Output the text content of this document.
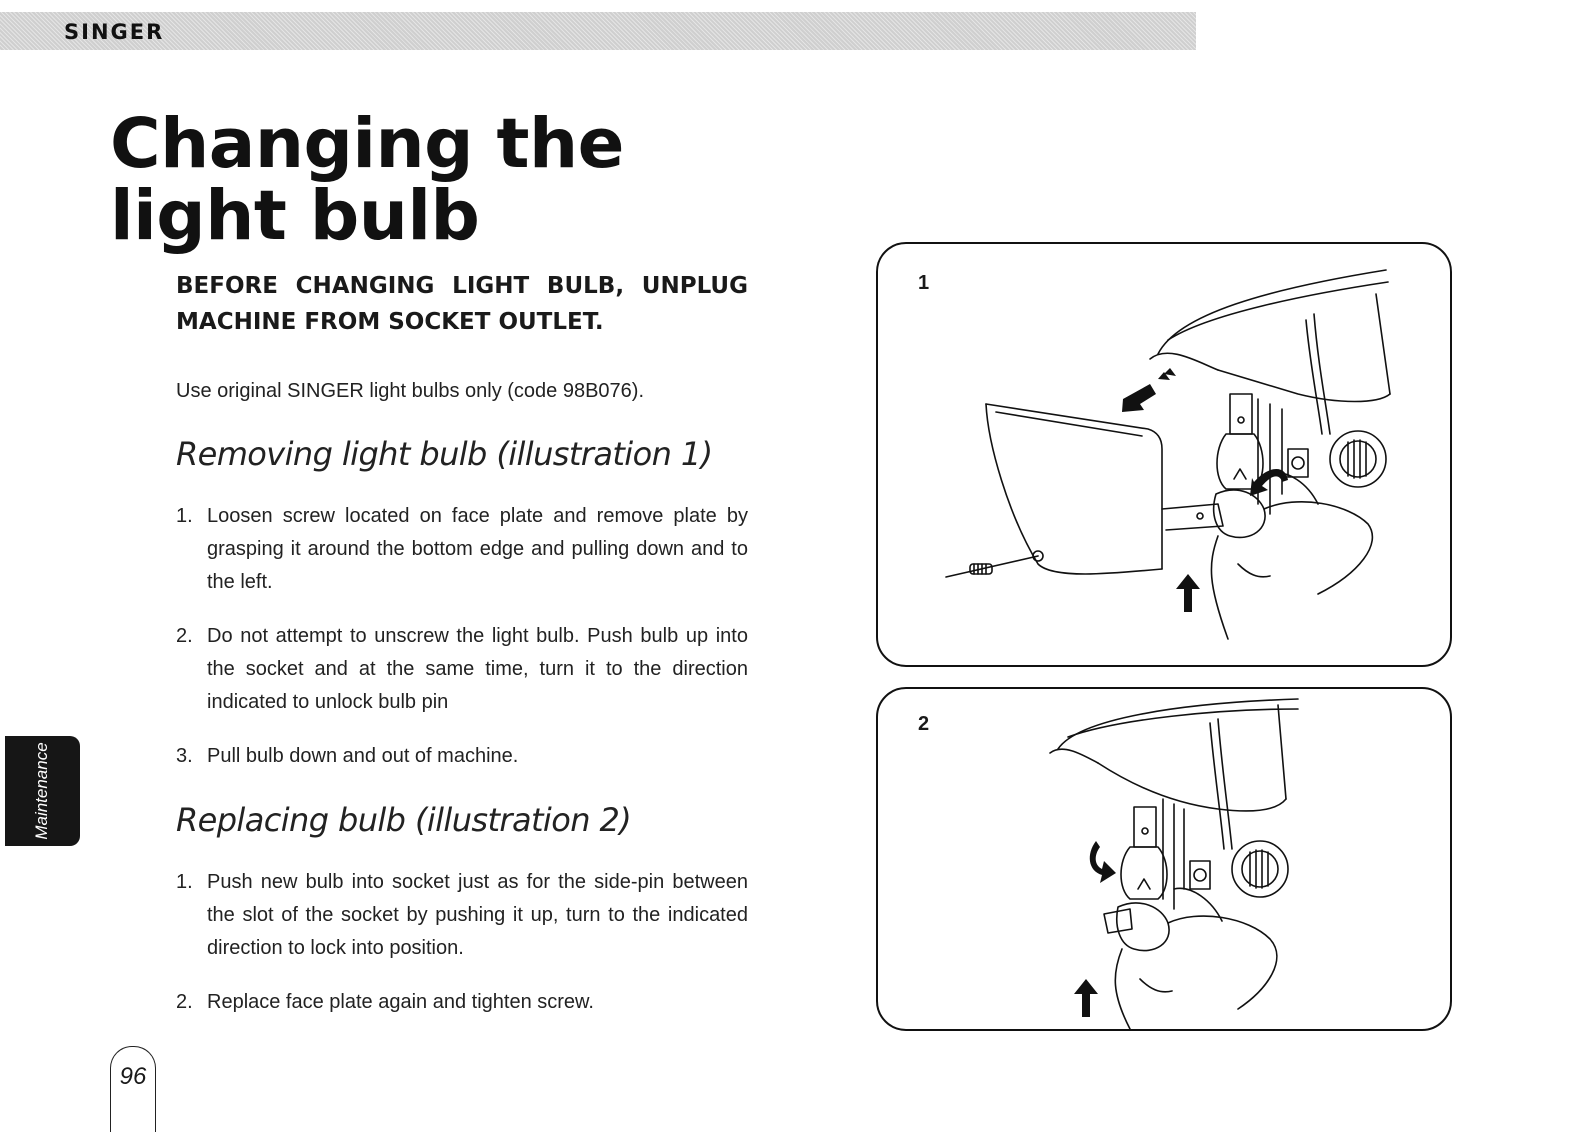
SINGER
Changing the light bulb

BEFORE CHANGING LIGHT BULB, UNPLUG MACHINE FROM SOCKET OUTLET.

Use original SINGER light bulbs only (code 98B076).

Removing light bulb (illustration 1)
1. Loosen screw located on face plate and remove plate by grasping it around the bottom edge and pulling down and to the left.
2. Do not attempt to unscrew the light bulb. Push bulb up into the socket and at the same time, turn it to the direction indicated to unlock bulb pin
3. Pull bulb down and out of machine.
Replacing bulb (illustration 2)
1. Push new bulb into socket just as for the side-pin between the slot of the socket by pushing it up, turn to the indicated direction to lock into position.
2. Replace face plate again and tighten screw.
Maintenance
96
1
2
